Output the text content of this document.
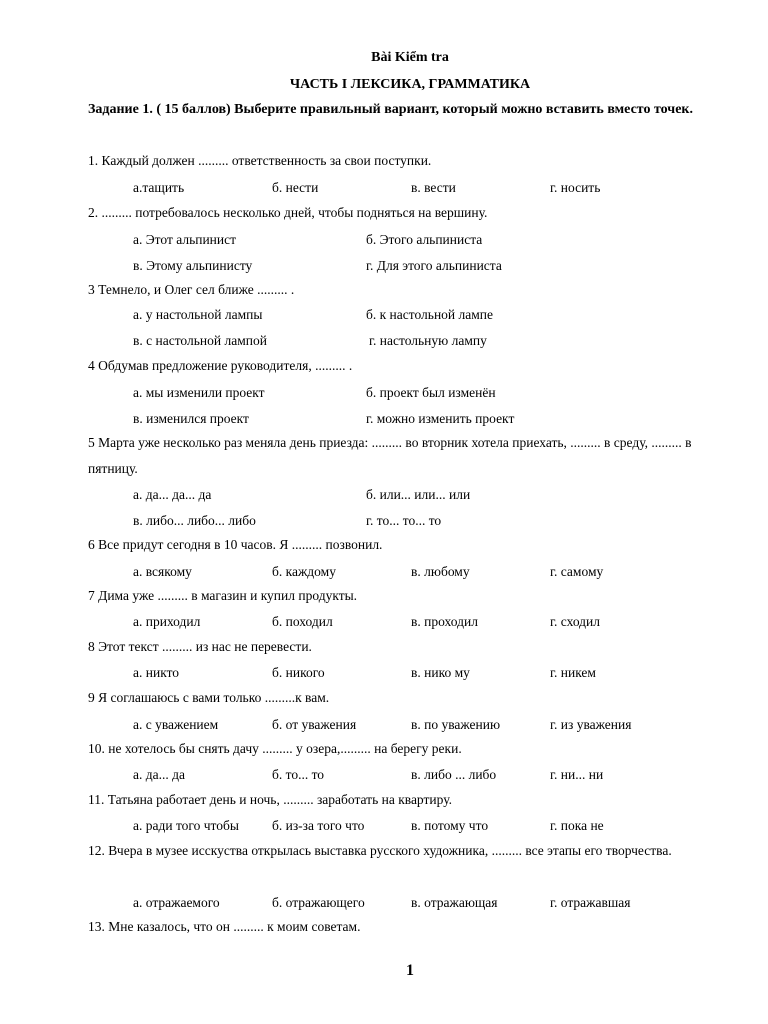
Bài Kiểm tra
ЧАСТЬ I ЛЕКСИКА, ГРАММАТИКА
Задание 1. ( 15 баллов) Выберите правильный вариант, который можно вставить вместо точек.
1. Каждый должен ......... ответственность за свои поступки.
а.тащить	б. нести	в. вести	г. носить
2. ......... потребовалось несколько дней, чтобы подняться на вершину.
а. Этот альпинист	б. Этого альпиниста
в. Этому альпинисту	г. Для этого альпиниста
3 Темнело, и Олег сел ближе ......... .
а. у настольной лампы	б. к настольной лампе
в. с настольной лампой	г. настольную лампу
4 Обдумав предложение руководителя, ......... .
а. мы изменили проект	б. проект был изменён
в. изменился проект	г. можно изменить проект
5 Марта уже несколько раз меняла день приезда: ......... во вторник хотела приехать, ......... в среду, ......... в пятницу.
а. да... да... да	б. или... или... или
в. либо... либо... либо	г. то... то... то
6 Все придут сегодня в 10 часов. Я ......... позвонил.
а. всякому	б. каждому	в. любому	г. самому
7 Дима уже ......... в магазин и купил продукты.
а. приходил	б. походил	в. проходил	г. сходил
8 Этот текст ......... из нас не перевести.
а. никто	б. никого	в. нико му	г. никем
9 Я соглашаюсь с вами только .........к вам.
а. с уважением	б. от уважения	в. по уважению	г. из уважения
10. не хотелось бы снять дачу ......... у озера,......... на берегу реки.
а. да... да	б. то... то	в. либо ... либо	г. ни... ни
11. Татьяна работает день и ночь, ......... заработать на квартиру.
а. ради того чтобы б. из-за того что	в. потому что	г. пока не
12. Вчера в музее исскуства открылась выставка русского художника, ......... все этапы его творчества.
а. отражаемого	б. отражающего	в. отражающая	г. отражавшая
13. Мне казалось, что он ......... к моим советам.
1
